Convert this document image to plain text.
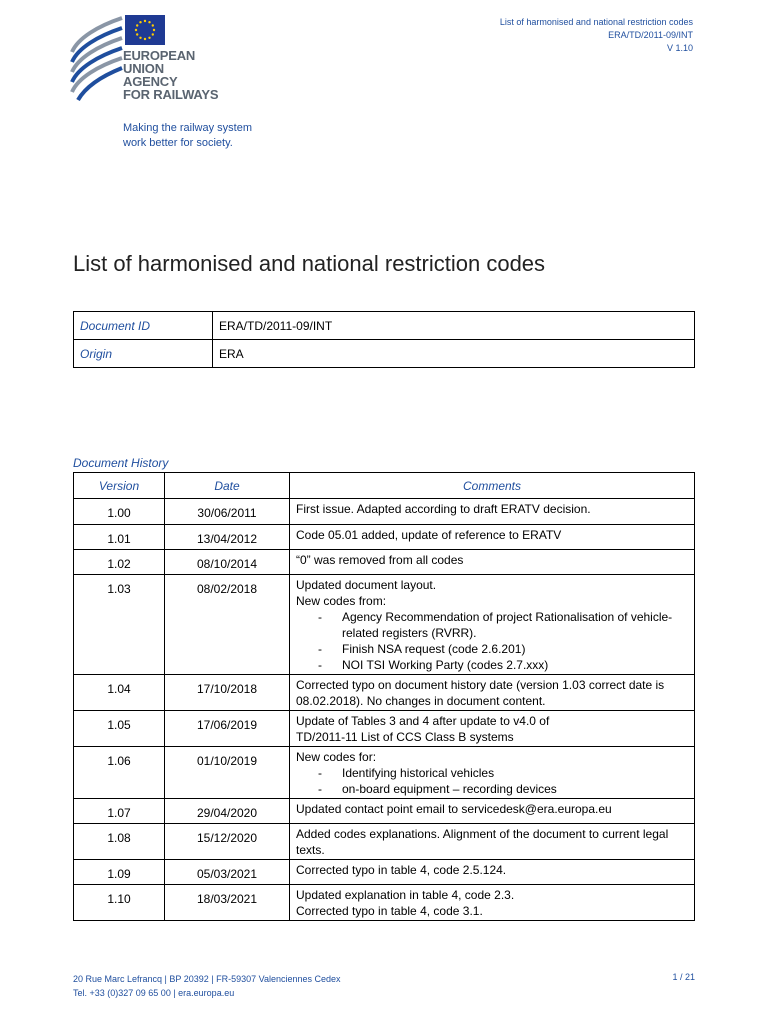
EUROPEAN
UNION
AGENCY
FOR RAILWAYS
Making the railway system
work better for society.
List of harmonised and national restriction codes
ERA/TD/2011-09/INT
V 1.10
List of harmonised and national restriction codes
Document ID	ERA/TD/2011-09/INT
Origin	ERA
Document History
Version	Date	Comments
1.00	30/06/2011	First issue. Adapted according to draft ERATV decision.

1.01	13/04/2012	Code 05.01 added, update of reference to ERATV

1.02	08/10/2014	“0” was removed from all codes

1.03	08/02/2018	Updated document layout.
New codes from:
- Agency Recommendation of project Rationalisation of vehicle-related registers (RVRR).
- Finish NSA request (code 2.6.201)
- NOI TSI Working Party (codes 2.7.xxx)

1.04	17/10/2018	Corrected typo on document history date (version 1.03 correct date is 08.02.2018). No changes in document content.

1.05	17/06/2019	Update of Tables 3 and 4 after update to v4.0 of
TD/2011-11 List of CCS Class B systems

1.06	01/10/2019	New codes for:
- Identifying historical vehicles
- on-board equipment – recording devices

1.07	29/04/2020	Updated contact point email to servicedesk@era.europa.eu

1.08	15/12/2020	Added codes explanations. Alignment of the document to current legal texts.

1.09	05/03/2021	Corrected typo in table 4, code 2.5.124.

1.10	18/03/2021	Updated explanation in table 4, code 2.3.
Corrected typo in table 4, code 3.1.
20 Rue Marc Lefrancq | BP 20392 | FR-59307 Valenciennes Cedex
Tel. +33 (0)327 09 65 00 | era.europa.eu
1 / 21
